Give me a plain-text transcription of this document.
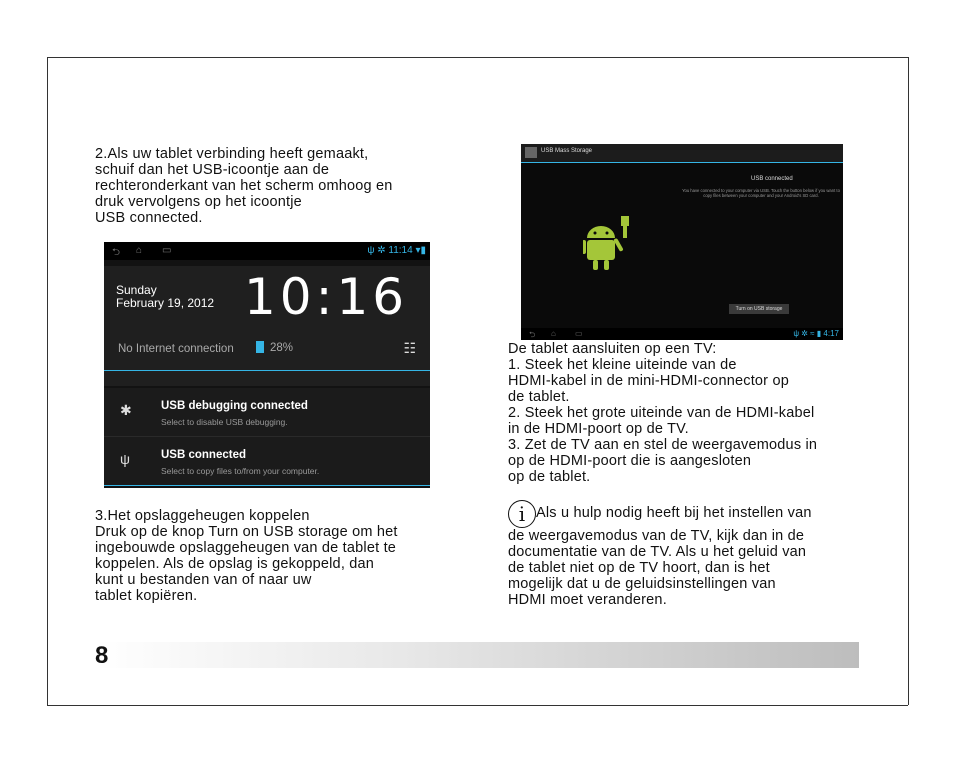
2.Als uw tablet verbinding heeft gemaakt,
schuif dan het USB-icoontje aan de
rechteronderkant van het scherm omhoog en
druk vervolgens op het icoontje
USB connected.
⮌ ⌂ ▭	ψ ✲ 11:14 ▾▮
Sunday
February 19, 2012 10:16
No Internet connection	28%	☷
✱	USB debugging connected
Select to disable USB debugging.
ψ	USB connected
Select to copy files to/from your computer.
3.Het opslaggeheugen koppelen
Druk op de knop Turn on USB storage om het
ingebouwde opslaggeheugen van de tablet te
koppelen. Als de opslag is gekoppeld, dan
kunt u bestanden van of naar uw
tablet kopiëren.
USB Mass Storage
USB connected
You have connected to your computer via USB. Touch the button below if you want to copy files between your computer and your Android's SD card.
Turn on USB storage
⮌ ⌂ ▭	ψ ✲ ≈ ▮ 4:17
De tablet aansluiten op een TV:
1. Steek het kleine uiteinde van de
HDMI-kabel in de mini-HDMI-connector op
de tablet.
2. Steek het grote uiteinde van de HDMI-kabel
in de HDMI-poort op de TV.
3. Zet de TV aan en stel de weergavemodus in
op de HDMI-poort die is aangesloten
op de tablet.
i Als u hulp nodig heeft bij het instellen van
de weergavemodus van de TV, kijk dan in de
documentatie van de TV. Als u het geluid van
de tablet niet op de TV hoort, dan is het
mogelijk dat u de geluidsinstellingen van
HDMI moet veranderen.
8
